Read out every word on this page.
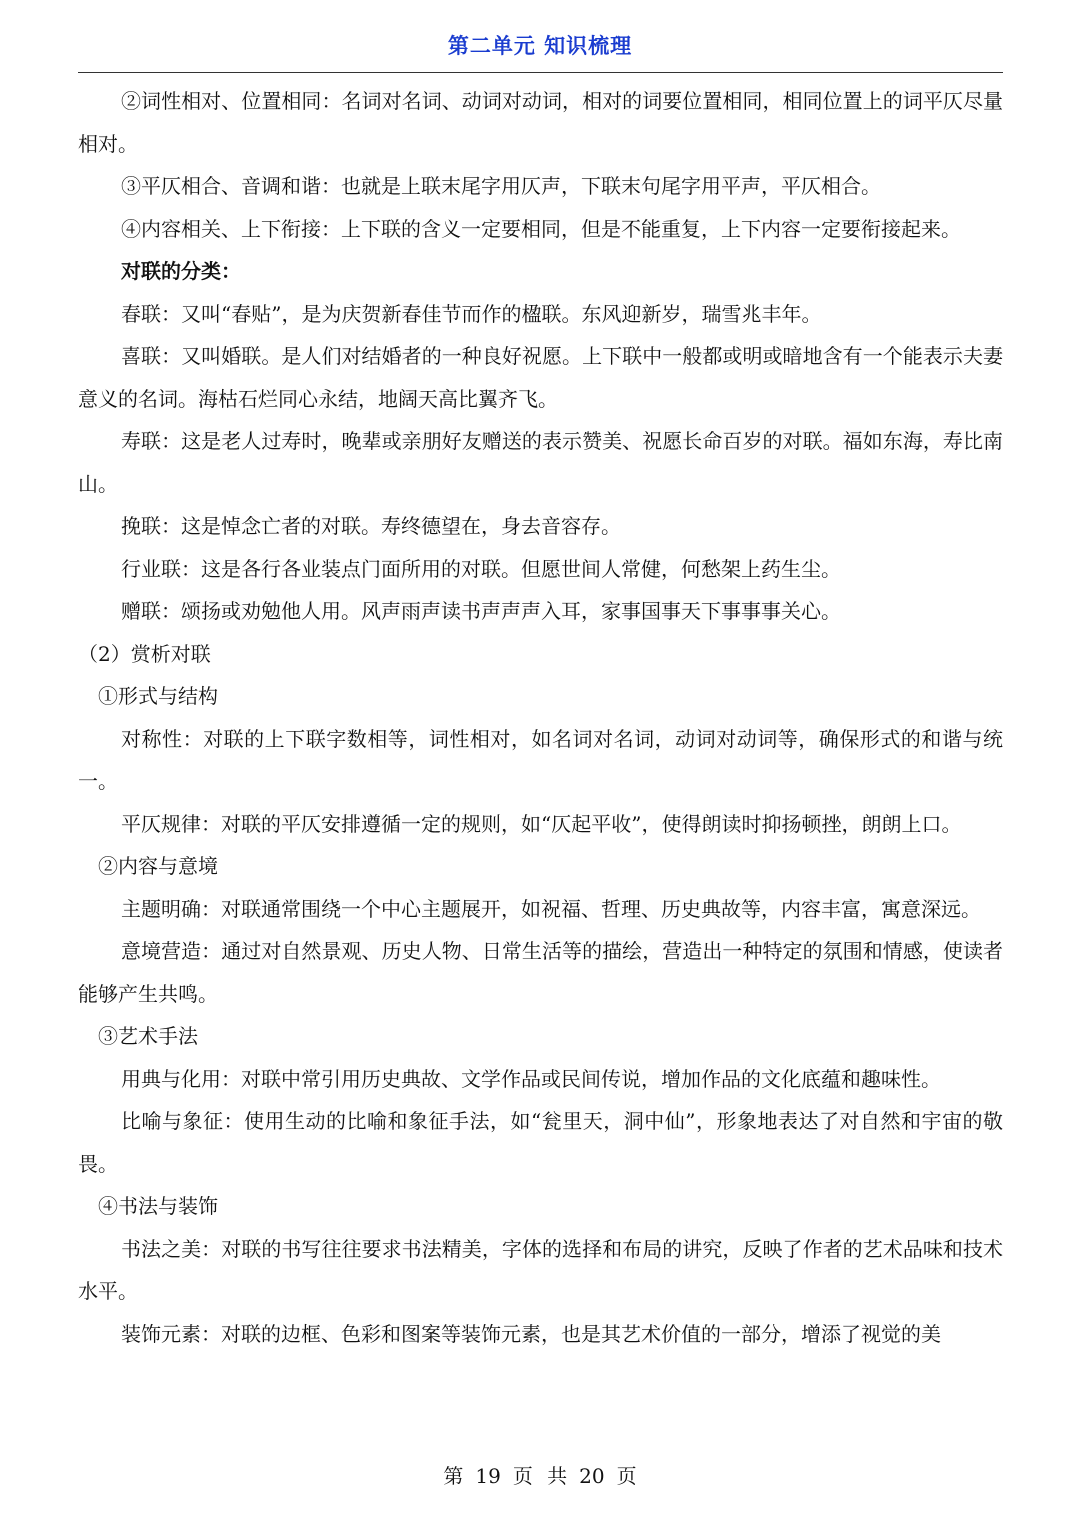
第二单元 知识梳理

②词性相对、位置相同：名词对名词、动词对动词，相对的词要位置相同，相同位置上的词平仄尽量相对。

③平仄相合、音调和谐：也就是上联末尾字用仄声，下联末句尾字用平声，平仄相合。

④内容相关、上下衔接：上下联的含义一定要相同，但是不能重复，上下内容一定要衔接起来。

对联的分类：

春联：又叫“春贴”，是为庆贺新春佳节而作的楹联。东风迎新岁，瑞雪兆丰年。

喜联：又叫婚联。是人们对结婚者的一种良好祝愿。上下联中一般都或明或暗地含有一个能表示夫妻意义的名词。海枯石烂同心永结，地阔天高比翼齐飞。

寿联：这是老人过寿时，晚辈或亲朋好友赠送的表示赞美、祝愿长命百岁的对联。福如东海，寿比南山。

挽联：这是悼念亡者的对联。寿终德望在，身去音容存。

行业联：这是各行各业装点门面所用的对联。但愿世间人常健，何愁架上药生尘。

赠联：颂扬或劝勉他人用。风声雨声读书声声声入耳，家事国事天下事事事关心。

（2）赏析对联

①形式与结构

对称性：对联的上下联字数相等，词性相对，如名词对名词，动词对动词等，确保形式的和谐与统一。

平仄规律：对联的平仄安排遵循一定的规则，如“仄起平收”，使得朗读时抑扬顿挫，朗朗上口。

②内容与意境

主题明确：对联通常围绕一个中心主题展开，如祝福、哲理、历史典故等，内容丰富，寓意深远。

意境营造：通过对自然景观、历史人物、日常生活等的描绘，营造出一种特定的氛围和情感，使读者能够产生共鸣。

③艺术手法

用典与化用：对联中常引用历史典故、文学作品或民间传说，增加作品的文化底蕴和趣味性。

比喻与象征：使用生动的比喻和象征手法，如“瓮里天，洞中仙”，形象地表达了对自然和宇宙的敬畏。

④书法与装饰

书法之美：对联的书写往往要求书法精美，字体的选择和布局的讲究，反映了作者的艺术品味和技术水平。

装饰元素：对联的边框、色彩和图案等装饰元素，也是其艺术价值的一部分，增添了视觉的美

第 19 页 共 20 页
